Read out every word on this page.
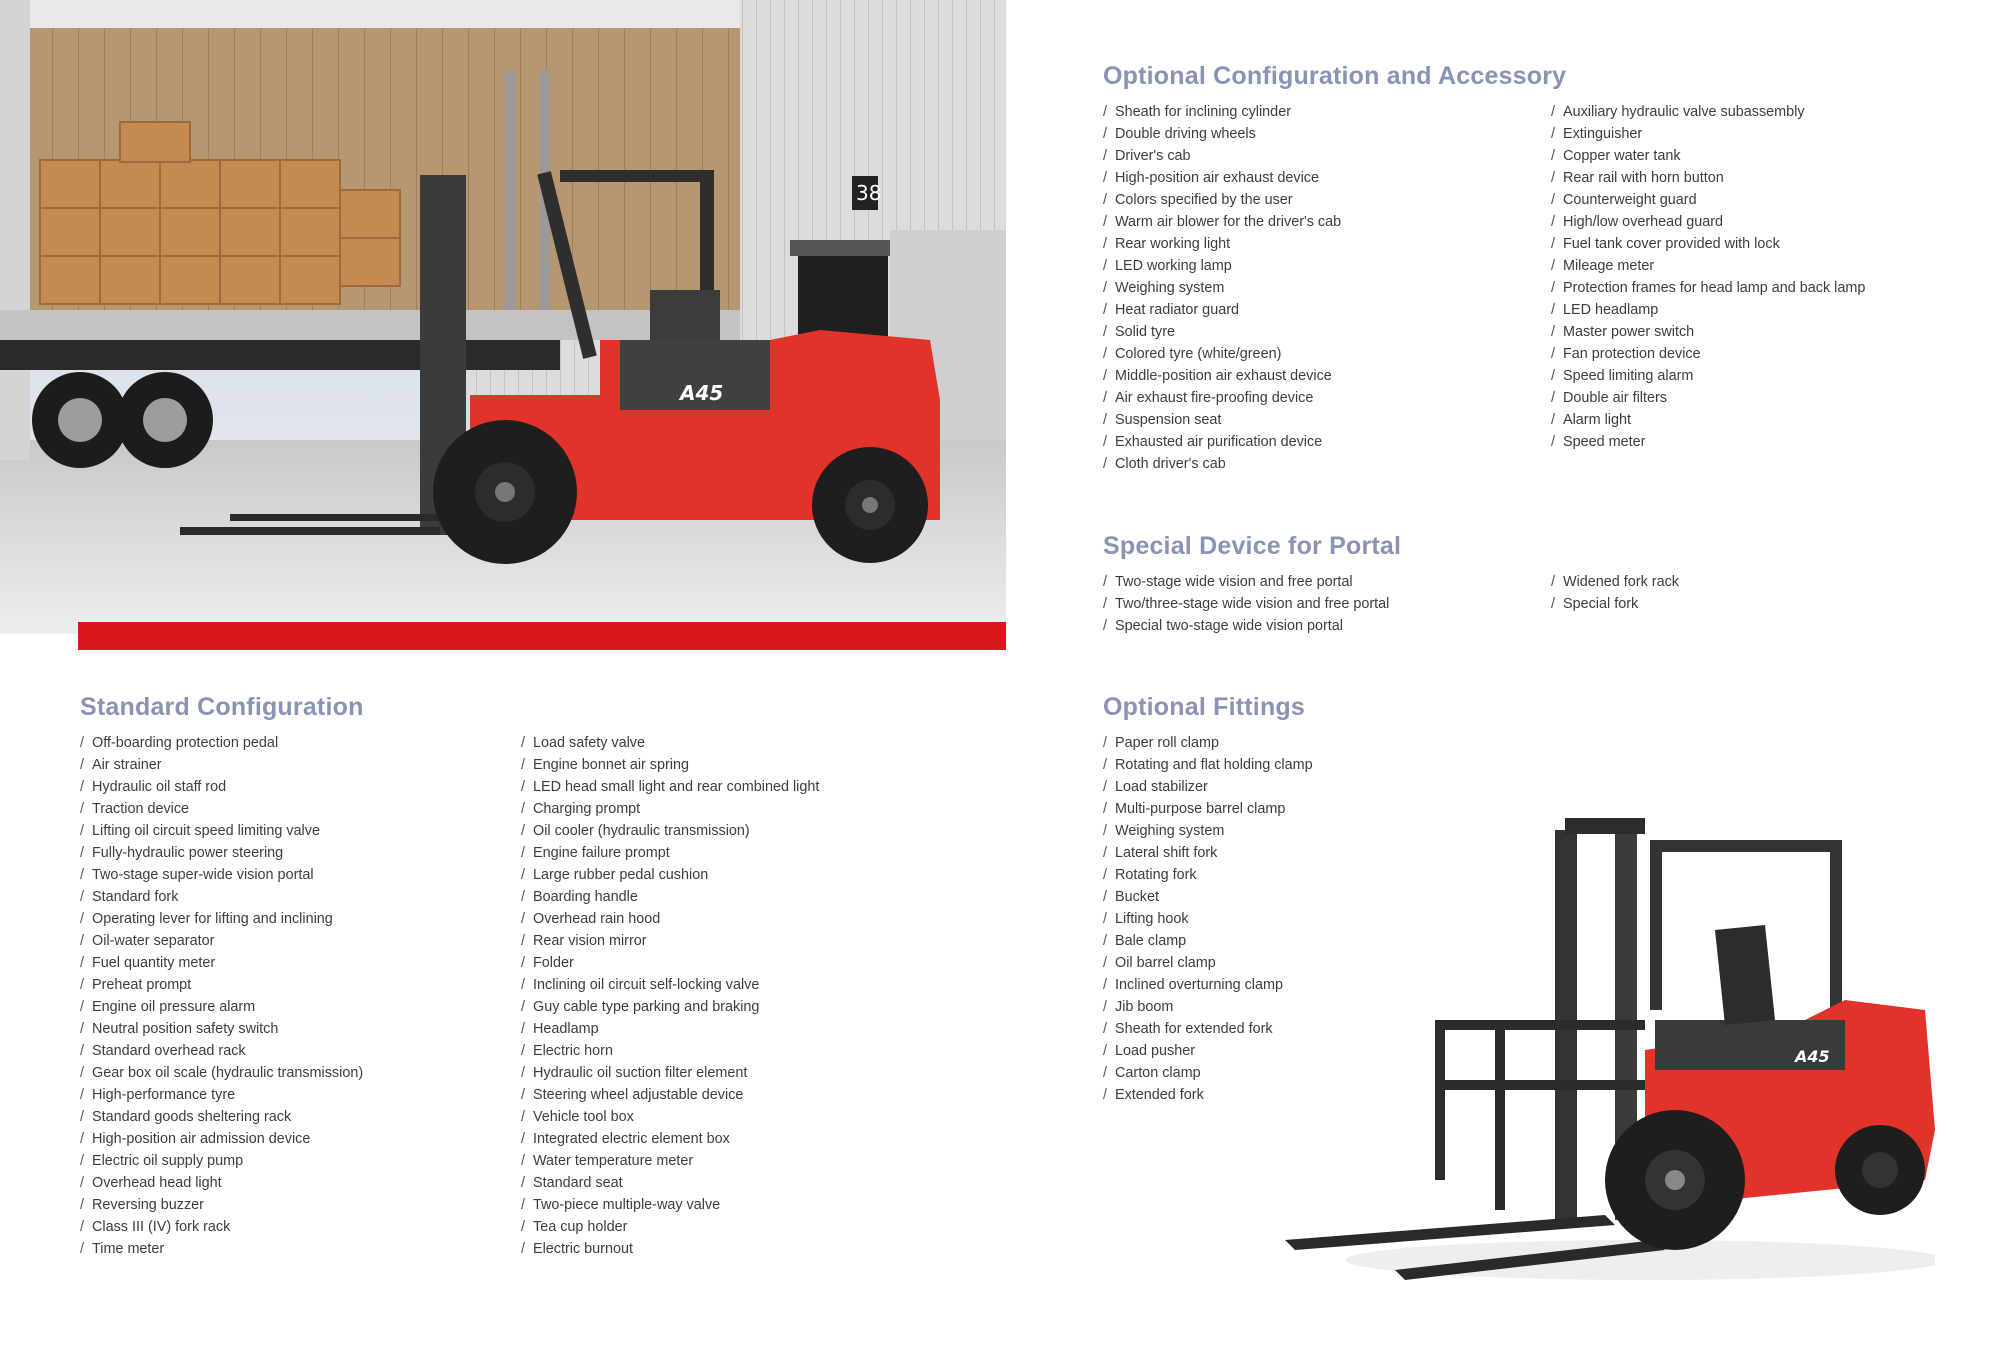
38
A45
Optional Configuration and Accessory
/ Sheath for inclining cylinder
/ Double driving wheels
/ Driver's cab
/ High-position air exhaust device
/ Colors specified by the user
/ Warm air blower for the driver's cab
/ Rear working light
/ LED working lamp
/ Weighing system
/ Heat radiator guard
/ Solid tyre
/ Colored tyre (white/green)
/ Middle-position air exhaust device
/ Air exhaust fire-proofing device
/ Suspension seat
/ Exhausted air purification device
/ Cloth driver's cab
/ Auxiliary hydraulic valve subassembly
/ Extinguisher
/ Copper water tank
/ Rear rail with horn button
/ Counterweight guard
/ High/low overhead guard
/ Fuel tank cover provided with lock
/ Mileage meter
/ Protection frames for head lamp and back lamp
/ LED headlamp
/ Master power switch
/ Fan protection device
/ Speed limiting alarm
/ Double air filters
/ Alarm light
/ Speed meter
Special Device for Portal
/ Two-stage wide vision and free portal
/ Two/three-stage wide vision and free portal
/ Special two-stage wide vision portal
/ Widened fork rack
/ Special fork
Standard Configuration
/ Off-boarding protection pedal
/ Air strainer
/ Hydraulic oil staff rod
/ Traction device
/ Lifting oil circuit speed limiting valve
/ Fully-hydraulic power steering
/ Two-stage super-wide vision portal
/ Standard fork
/ Operating lever for lifting and inclining
/ Oil-water separator
/ Fuel quantity meter
/ Preheat prompt
/ Engine oil pressure alarm
/ Neutral position safety switch
/ Standard overhead rack
/ Gear box oil scale (hydraulic transmission)
/ High-performance tyre
/ Standard goods sheltering rack
/ High-position air admission device
/ Electric oil supply pump
/ Overhead head light
/ Reversing buzzer
/ Class III (IV) fork rack
/ Time meter
/ Load safety valve
/ Engine bonnet air spring
/ LED head small light and rear combined light
/ Charging prompt
/ Oil cooler (hydraulic transmission)
/ Engine failure prompt
/ Large rubber pedal cushion
/ Boarding handle
/ Overhead rain hood
/ Rear vision mirror
/ Folder
/ Inclining oil circuit self-locking valve
/ Guy cable type parking and braking
/ Headlamp
/ Electric horn
/ Hydraulic oil suction filter element
/ Steering wheel adjustable device
/ Vehicle tool box
/ Integrated electric element box
/ Water temperature meter
/ Standard seat
/ Two-piece multiple-way valve
/ Tea cup holder
/ Electric burnout
Optional Fittings
/ Paper roll clamp
/ Rotating and flat holding clamp
/ Load stabilizer
/ Multi-purpose barrel clamp
/ Weighing system
/ Lateral shift fork
/ Rotating fork
/ Bucket
/ Lifting hook
/ Bale clamp
/ Oil barrel clamp
/ Inclined overturning clamp
/ Jib boom
/ Sheath for extended fork
/ Load pusher
/ Carton clamp
/ Extended fork
A45
